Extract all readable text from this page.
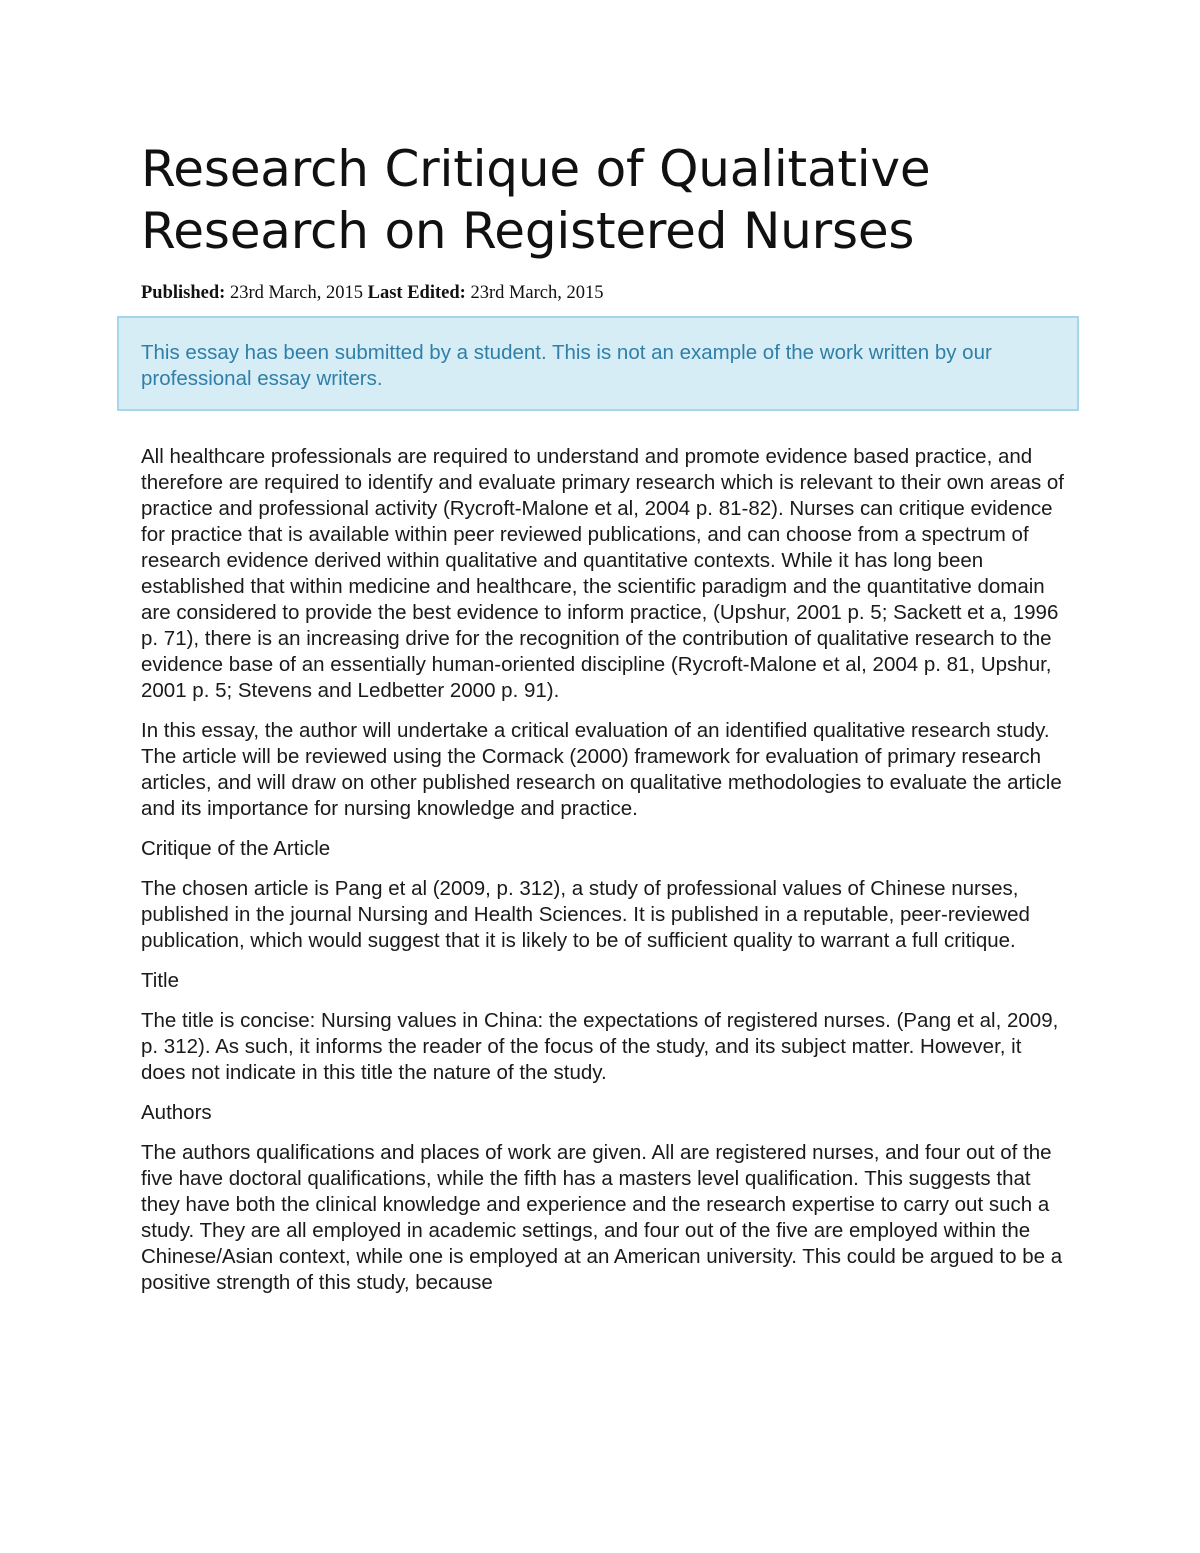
Research Critique of Qualitative Research on Registered Nurses
Published: 23rd March, 2015 Last Edited: 23rd March, 2015
This essay has been submitted by a student. This is not an example of the work written by our professional essay writers.

All healthcare professionals are required to understand and promote evidence based practice, and therefore are required to identify and evaluate primary research which is relevant to their own areas of practice and professional activity (Rycroft-Malone et al, 2004 p. 81-82). Nurses can critique evidence for practice that is available within peer reviewed publications, and can choose from a spectrum of research evidence derived within qualitative and quantitative contexts. While it has long been established that within medicine and healthcare, the scientific paradigm and the quantitative domain are considered to provide the best evidence to inform practice, (Upshur, 2001 p. 5; Sackett et a, 1996 p. 71), there is an increasing drive for the recognition of the contribution of qualitative research to the evidence base of an essentially human-oriented discipline (Rycroft-Malone et al, 2004 p. 81, Upshur, 2001 p. 5; Stevens and Ledbetter 2000 p. 91).

In this essay, the author will undertake a critical evaluation of an identified qualitative research study. The article will be reviewed using the Cormack (2000) framework for evaluation of primary research articles, and will draw on other published research on qualitative methodologies to evaluate the article and its importance for nursing knowledge and practice.

Critique of the Article

The chosen article is Pang et al (2009, p. 312), a study of professional values of Chinese nurses, published in the journal Nursing and Health Sciences. It is published in a reputable, peer-reviewed publication, which would suggest that it is likely to be of sufficient quality to warrant a full critique.

Title

The title is concise: Nursing values in China: the expectations of registered nurses. (Pang et al, 2009, p. 312). As such, it informs the reader of the focus of the study, and its subject matter. However, it does not indicate in this title the nature of the study.

Authors

The authors qualifications and places of work are given. All are registered nurses, and four out of the five have doctoral qualifications, while the fifth has a masters level qualification. This suggests that they have both the clinical knowledge and experience and the research expertise to carry out such a study. They are all employed in academic settings, and four out of the five are employed within the Chinese/Asian context, while one is employed at an American university. This could be argued to be a positive strength of this study, because
